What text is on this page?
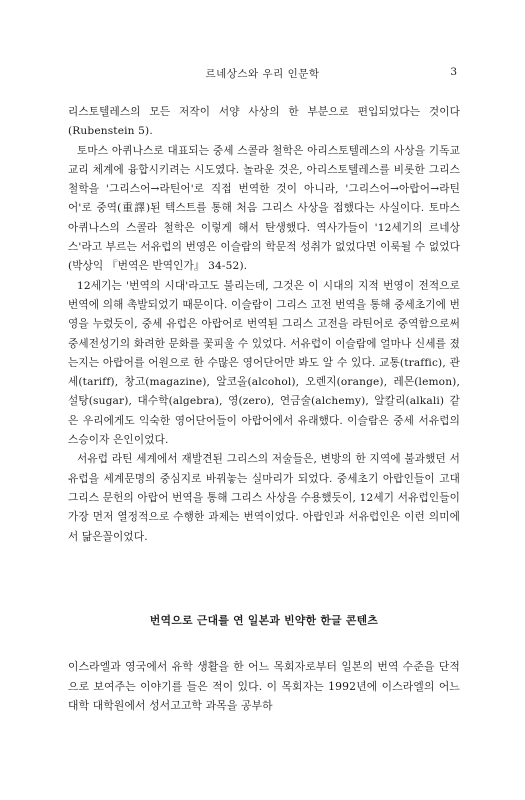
르네상스와 우리 인문학	3

리스토텔레스의 모든 저작이 서양 사상의 한 부분으로 편입되었다는 것이다(Rubenstein 5).

토마스 아퀴나스로 대표되는 중세 스콜라 철학은 아리스토텔레스의 사상을 기독교 교리 체계에 융합시키려는 시도였다. 놀라운 것은, 아리스토텔레스를 비롯한 그리스 철학을 '그리스어→라틴어'로 직접 번역한 것이 아니라, '그리스어→아랍어→라틴어'로 중역(重譯)된 텍스트를 통해 처음 그리스 사상을 접했다는 사실이다. 토마스 아퀴나스의 스콜라 철학은 이렇게 해서 탄생했다. 역사가들이 '12세기의 르네상스'라고 부르는 서유럽의 번영은 이슬람의 학문적 성취가 없었다면 이룩될 수 없었다(박상익 『번역은 반역인가』 34-52).

12세기는 '번역의 시대'라고도 불리는데, 그것은 이 시대의 지적 번영이 전적으로 번역에 의해 촉발되었기 때문이다. 이슬람이 그리스 고전 번역을 통해 중세초기에 번영을 누렸듯이, 중세 유럽은 아랍어로 번역된 그리스 고전을 라틴어로 중역함으로써 중세전성기의 화려한 문화를 꽃피울 수 있었다. 서유럽이 이슬람에 얼마나 신세를 졌는지는 아랍어를 어원으로 한 수많은 영어단어만 봐도 알 수 있다. 교통(traffic), 관세(tariff), 창고(magazine), 알코올(alcohol), 오렌지(orange), 레몬(lemon), 설탕(sugar), 대수학(algebra), 영(zero), 연금술(alchemy), 알칼리(alkali) 같은 우리에게도 익숙한 영어단어들이 아랍어에서 유래했다. 이슬람은 중세 서유럽의 스승이자 은인이었다.

서유럽 라틴 세계에서 재발견된 그리스의 저술들은, 변방의 한 지역에 불과했던 서유럽을 세계문명의 중심지로 바꿔놓는 실마리가 되었다. 중세초기 아랍인들이 고대 그리스 문헌의 아랍어 번역을 통해 그리스 사상을 수용했듯이, 12세기 서유럽인들이 가장 먼저 열정적으로 수행한 과제는 번역이었다. 아랍인과 서유럽인은 이런 의미에서 닮은꼴이었다.

번역으로 근대를 연 일본과 빈약한 한글 콘텐츠

이스라엘과 영국에서 유학 생활을 한 어느 목회자로부터 일본의 번역 수준을 단적으로 보여주는 이야기를 들은 적이 있다. 이 목회자는 1992년에 이스라엘의 어느 대학 대학원에서 성서고고학 과목을 공부하
